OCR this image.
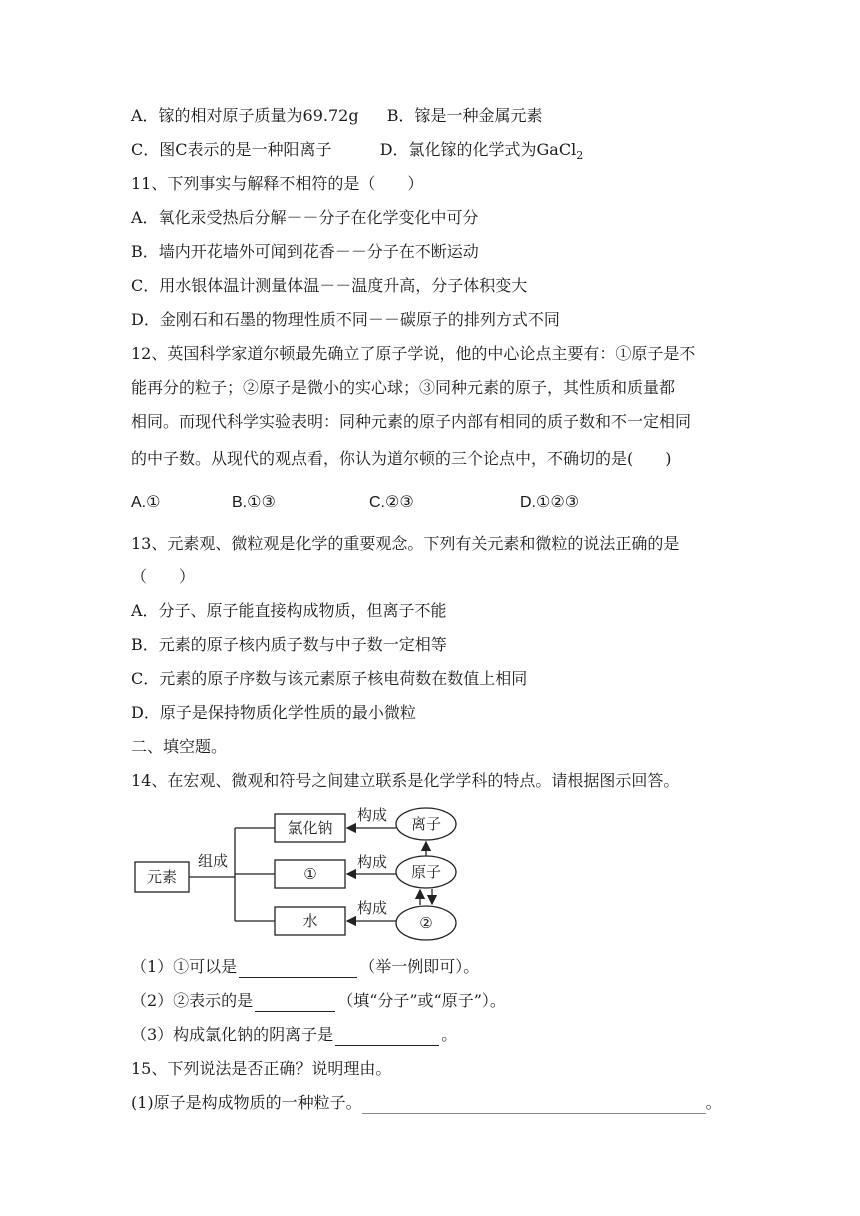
A．镓的相对原子质量为69.72g B．镓是一种金属元素
C．图C表示的是一种阳离子	D．氯化镓的化学式为GaCl$_2$
11、下列事实与解释不相符的是（　　）
A．氧化汞受热后分解－－分子在化学变化中可分
B．墙内开花墙外可闻到花香－－分子在不断运动
C．用水银体温计测量体温－－温度升高，分子体积变大
D．金刚石和石墨的物理性质不同－－碳原子的排列方式不同
12、英国科学家道尔顿最先确立了原子学说，他的中心论点主要有：①原子是不
能再分的粒子；②原子是微小的实心球；③同种元素的原子，其性质和质量都
相同。而现代科学实验表明：同种元素的原子内部有相同的质子数和不一定相同
的中子数。从现代的观点看，你认为道尔顿的三个论点中，不确切的是(　　)
A.①	B.①③	C.②③	D.①②③
13、元素观、微粒观是化学的重要观念。下列有关元素和微粒的说法正确的是
（　　）
A．分子、原子能直接构成物质，但离子不能
B．元素的原子核内质子数与中子数一定相等
C．元素的原子序数与该元素原子核电荷数在数值上相同
D．原子是保持物质化学性质的最小微粒
二、填空题。
14、在宏观、微观和符号之间建立联系是化学学科的特点。请根据图示回答。
元素
组成
氯化钠
①
水
构成
构成
构成
离子
原子
②
（1）①可以是	（举一例即可）。
（2）②表示的是	（填“分子”或“原子”）。
（3）构成氯化钠的阴离子是	。
15、下列说法是否正确？说明理由。
(1)原子是构成物质的一种粒子。	。
